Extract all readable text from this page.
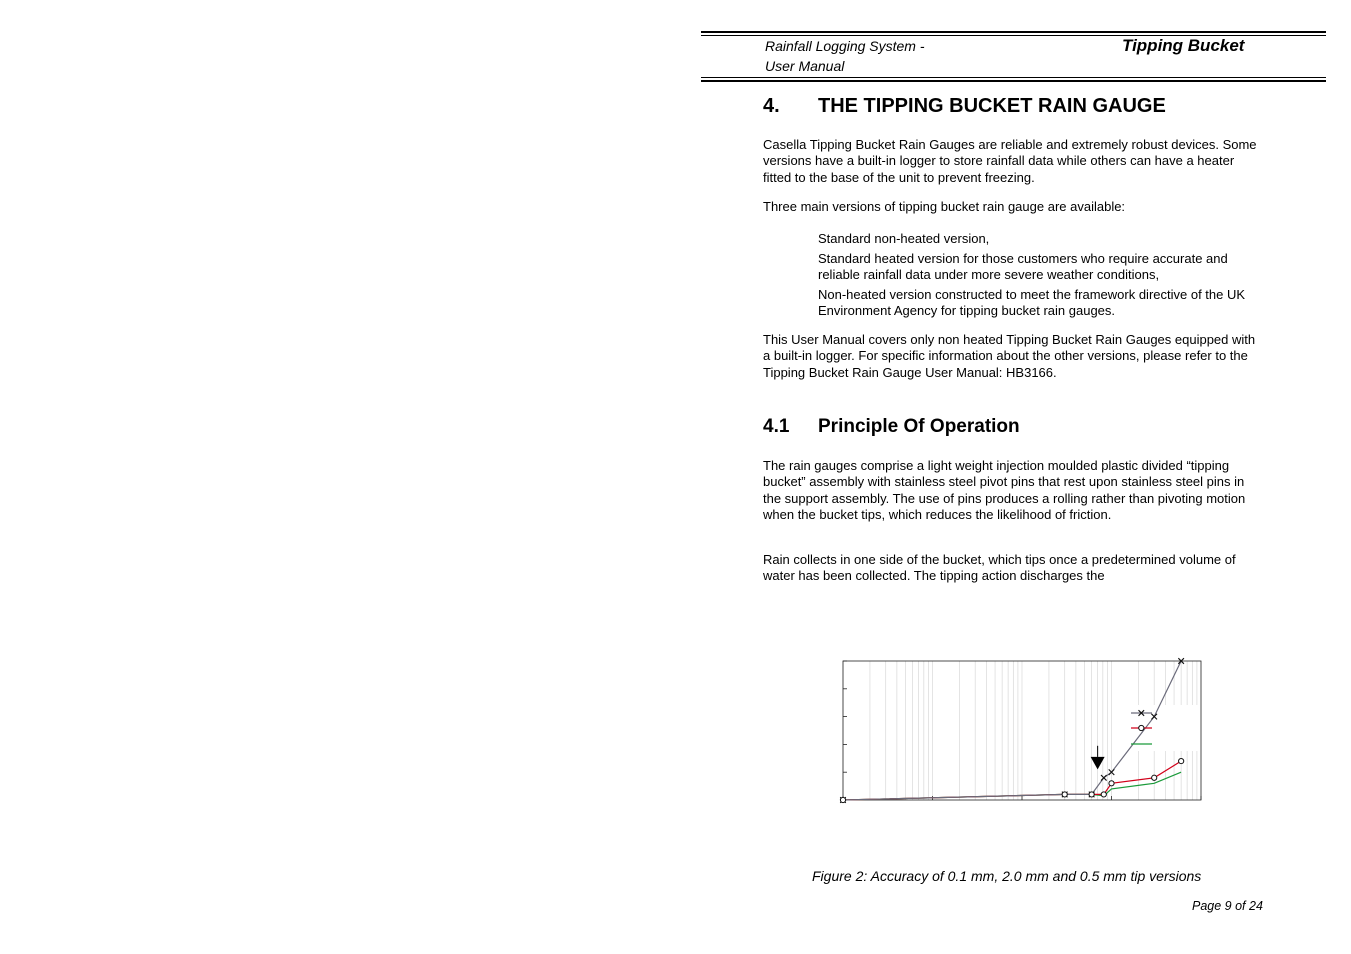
Rainfall Logging System -
User Manual
Tipping Bucket
4. THE TIPPING BUCKET RAIN GAUGE
Casella Tipping Bucket Rain Gauges are reliable and extremely robust devices. Some versions have a built-in logger to store rainfall data while others can have a heater fitted to the base of the unit to prevent freezing.
Three main versions of tipping bucket rain gauge are available:
Standard non-heated version,
Standard heated version for those customers who require accurate and reliable rainfall data under more severe weather conditions,
Non-heated version constructed to meet the framework directive of the UK Environment Agency for tipping bucket rain gauges.
This User Manual covers only non heated Tipping Bucket Rain Gauges equipped with a built-in logger. For specific information about the other versions, please refer to the Tipping Bucket Rain Gauge User Manual: HB3166.
4.1 Principle Of Operation
The rain gauges comprise a light weight injection moulded plastic divided “tipping bucket” assembly with stainless steel pivot pins that rest upon stainless steel pins in the support assembly. The use of pins produces a rolling rather than pivoting motion when the bucket tips, which reduces the likelihood of friction.
Rain collects in one side of the bucket, which tips once a predetermined volume of water has been collected. The tipping action discharges the
Figure 2: Accuracy of 0.1 mm, 2.0 mm and 0.5 mm tip versions
Page 9 of 24
